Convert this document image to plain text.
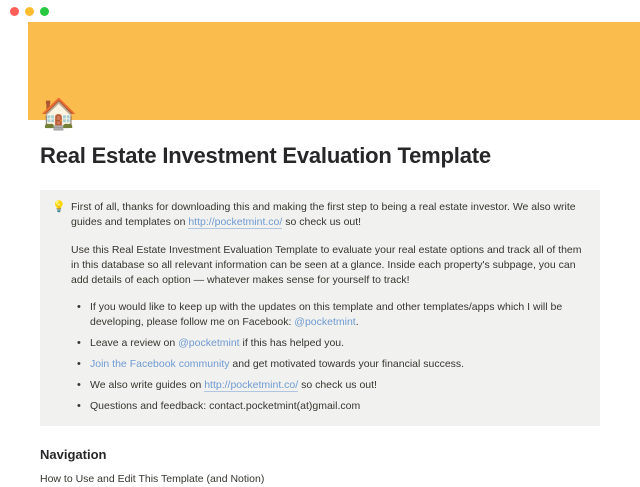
🏠
Real Estate Investment Evaluation Template
💡 First of all, thanks for downloading this and making the first step to being a real estate investor. We also write guides and templates on http://pocketmint.co/ so check us out!
Use this Real Estate Investment Evaluation Template to evaluate your real estate options and track all of them in this database so all relevant information can be seen at a glance. Inside each property's subpage, you can add details of each option — whatever makes sense for yourself to track!
• If you would like to keep up with the updates on this template and other templates/apps which I will be developing, please follow me on Facebook: @pocketmint.
• Leave a review on @pocketmint if this has helped you.
• Join the Facebook community and get motivated towards your financial success.
• We also write guides on http://pocketmint.co/ so check us out!
• Questions and feedback: contact.pocketmint(at)gmail.com
Navigation
How to Use and Edit This Template (and Notion)
